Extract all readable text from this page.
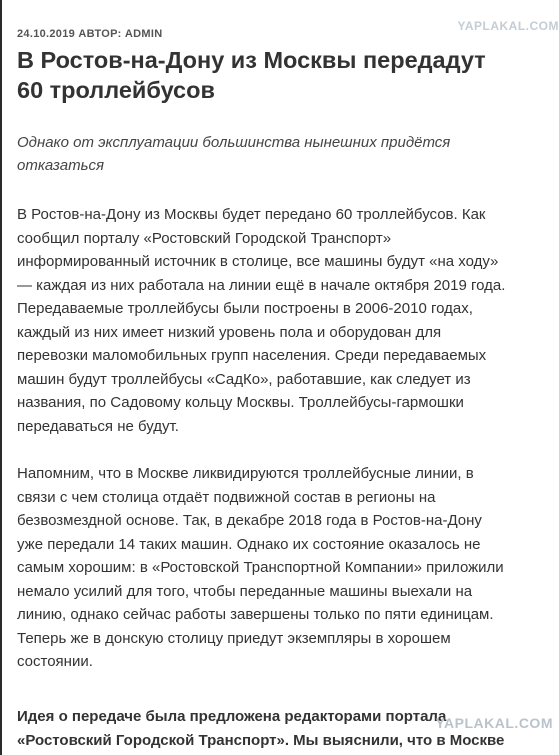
YAPLAKAL.COM
24.10.2019 АВТОР: ADMIN
В Ростов-на-Дону из Москвы передадут
60 троллейбусов

Однако от эксплуатации большинства нынешних придётся
отказаться

В Ростов-на-Дону из Москвы будет передано 60 троллейбусов. Как
сообщил порталу «Ростовский Городской Транспорт»
информированный источник в столице, все машины будут «на ходу»
— каждая из них работала на линии ещё в начале октября 2019 года.
Передаваемые троллейбусы были построены в 2006-2010 годах,
каждый из них имеет низкий уровень пола и оборудован для
перевозки маломобильных групп населения. Среди передаваемых
машин будут троллейбусы «СадКо», работавшие, как следует из
названия, по Садовому кольцу Москвы. Троллейбусы-гармошки
передаваться не будут.

Напомним, что в Москве ликвидируются троллейбусные линии, в
связи с чем столица отдаёт подвижной состав в регионы на
безвозмездной основе. Так, в декабре 2018 года в Ростов-на-Дону
уже передали 14 таких машин. Однако их состояние оказалось не
самым хорошим: в «Ростовской Транспортной Компании» приложили
немало усилий для того, чтобы переданные машины выехали на
линию, однако сейчас работы завершены только по пяти единицам.
Теперь же в донскую столицу приедут экземпляры в хорошем
состоянии.

Идея о передаче была предложена редакторами портала
«Ростовский Городской Транспорт». Мы выяснили, что в Москве

YAPLAKAL.COM
